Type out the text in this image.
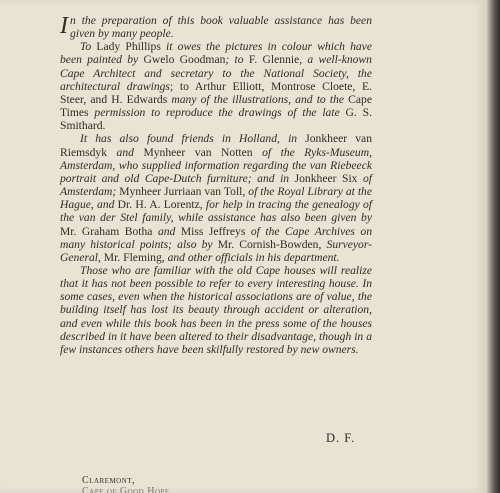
In the preparation of this book valuable assistance has been given by many people.

To Lady Phillips it owes the pictures in colour which have been painted by Gwelo Goodman; to F. Glennie, a well-known Cape Architect and secretary to the National Society, the architectural drawings; to Arthur Elliott, Montrose Cloete, E. Steer, and H. Edwards many of the illustrations, and to the Cape Times permission to reproduce the drawings of the late G. S. Smithard.

It has also found friends in Holland, in Jonkheer van Riemsdyk and Mynheer van Notten of the Ryks-Museum, Amsterdam, who supplied information regarding the van Riebeeck portrait and old Cape-Dutch furniture; and in Jonkheer Six of Amsterdam; Mynheer Jurriaan van Toll, of the Royal Library at the Hague, and Dr. H. A. Lorentz, for help in tracing the genealogy of the van der Stel family, while assistance has also been given by Mr. Graham Botha and Miss Jeffreys of the Cape Archives on many historical points; also by Mr. Cornish-Bowden, Surveyor-General, Mr. Fleming, and other officials in his department.

Those who are familiar with the old Cape houses will realize that it has not been possible to refer to every interesting house. In some cases, even when the historical associations are of value, the building itself has lost its beauty through accident or alteration, and even while this book has been in the press some of the houses described in it have been altered to their disadvantage, though in a few instances others have been skilfully restored by new owners.

D. F.
Claremont,
Cape of Good Hope.
